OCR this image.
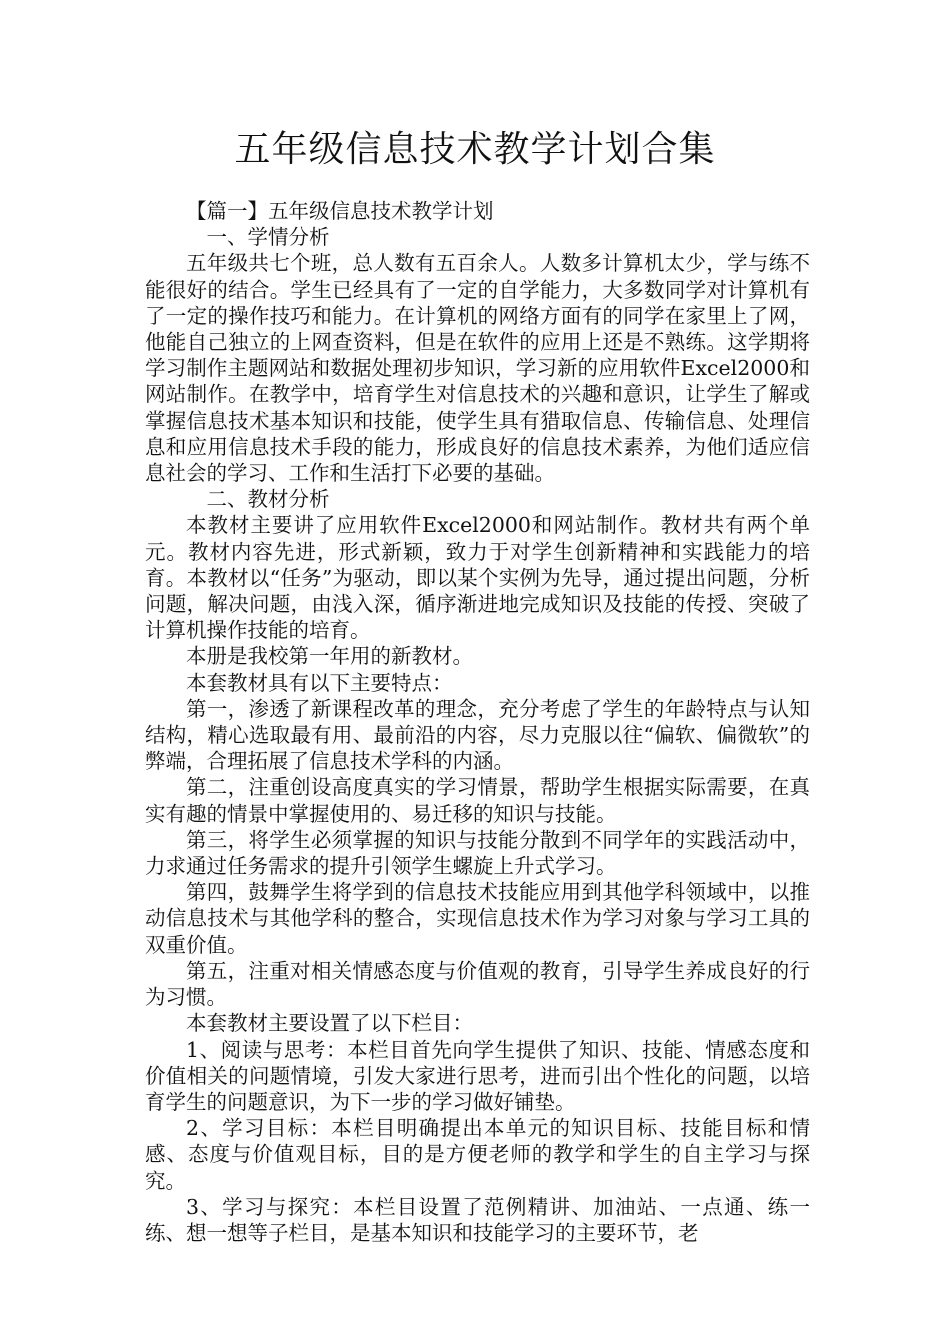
五年级信息技术教学计划合集

【篇一】五年级信息技术教学计划

一、学情分析

五年级共七个班，总人数有五百余人。人数多计算机太少，学与练不能很好的结合。学生已经具有了一定的自学能力，大多数同学对计算机有了一定的操作技巧和能力。在计算机的网络方面有的同学在家里上了网，他能自己独立的上网查资料，但是在软件的应用上还是不熟练。这学期将学习制作主题网站和数据处理初步知识，学习新的应用软件Excel2000和网站制作。在教学中，培育学生对信息技术的兴趣和意识，让学生了解或掌握信息技术基本知识和技能，使学生具有猎取信息、传输信息、处理信息和应用信息技术手段的能力，形成良好的信息技术素养，为他们适应信息社会的学习、工作和生活打下必要的基础。

二、教材分析

本教材主要讲了应用软件Excel2000和网站制作。教材共有两个单元。教材内容先进，形式新颖，致力于对学生创新精神和实践能力的培育。本教材以“任务”为驱动，即以某个实例为先导，通过提出问题，分析问题，解决问题，由浅入深，循序渐进地完成知识及技能的传授、突破了计算机操作技能的培育。

本册是我校第一年用的新教材。

本套教材具有以下主要特点：

第一，渗透了新课程改革的理念，充分考虑了学生的年龄特点与认知结构，精心选取最有用、最前沿的内容，尽力克服以往“偏软、偏微软”的弊端，合理拓展了信息技术学科的内涵。

第二，注重创设高度真实的学习情景，帮助学生根据实际需要，在真实有趣的情景中掌握使用的、易迁移的知识与技能。

第三，将学生必须掌握的知识与技能分散到不同学年的实践活动中，力求通过任务需求的提升引领学生螺旋上升式学习。

第四，鼓舞学生将学到的信息技术技能应用到其他学科领域中，以推动信息技术与其他学科的整合，实现信息技术作为学习对象与学习工具的双重价值。

第五，注重对相关情感态度与价值观的教育，引导学生养成良好的行为习惯。

本套教材主要设置了以下栏目：

1、阅读与思考：本栏目首先向学生提供了知识、技能、情感态度和价值相关的问题情境，引发大家进行思考，进而引出个性化的问题，以培育学生的问题意识，为下一步的学习做好铺垫。

2、学习目标：本栏目明确提出本单元的知识目标、技能目标和情感、态度与价值观目标，目的是方便老师的教学和学生的自主学习与探究。

3、学习与探究：本栏目设置了范例精讲、加油站、一点通、练一练、想一想等子栏目，是基本知识和技能学习的主要环节，老
